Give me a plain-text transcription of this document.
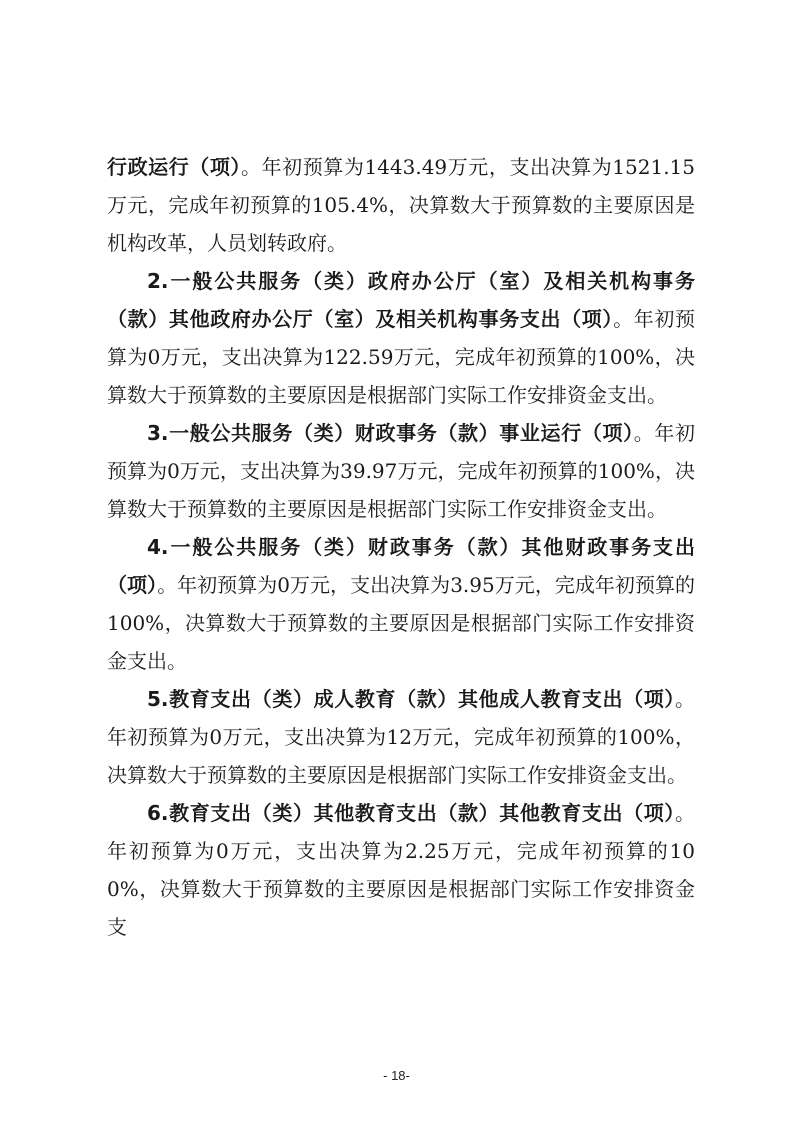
行政运行（项）。年初预算为1443.49万元，支出决算为1521.15万元，完成年初预算的105.4%，决算数大于预算数的主要原因是机构改革，人员划转政府。

2.一般公共服务（类）政府办公厅（室）及相关机构事务（款）其他政府办公厅（室）及相关机构事务支出（项）。年初预算为0万元，支出决算为122.59万元，完成年初预算的100%，决算数大于预算数的主要原因是根据部门实际工作安排资金支出。

3.一般公共服务（类）财政事务（款）事业运行（项）。年初预算为0万元，支出决算为39.97万元，完成年初预算的100%，决算数大于预算数的主要原因是根据部门实际工作安排资金支出。

4.一般公共服务（类）财政事务（款）其他财政事务支出（项）。年初预算为0万元，支出决算为3.95万元，完成年初预算的100%，决算数大于预算数的主要原因是根据部门实际工作安排资金支出。

5.教育支出（类）成人教育（款）其他成人教育支出（项）。年初预算为0万元，支出决算为12万元，完成年初预算的100%，决算数大于预算数的主要原因是根据部门实际工作安排资金支出。

6.教育支出（类）其他教育支出（款）其他教育支出（项）。年初预算为0万元，支出决算为2.25万元，完成年初预算的100%，决算数大于预算数的主要原因是根据部门实际工作安排资金支

- 18-
